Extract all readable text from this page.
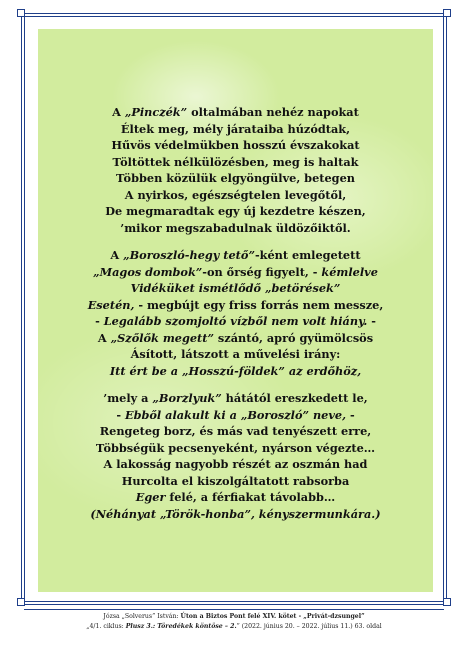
A „Pinczék” oltalmában nehéz napokat
Éltek meg, mély járataiba húzódtak,
Hűvös védelmükben hosszú évszakokat
Töltöttek nélkülözésben, meg is haltak
Többen közülük elgyöngülve, betegen
A nyirkos, egészségtelen levegőtől,
De megmaradtak egy új kezdetre készen,
’mikor megszabadulnak üldözőiktől.
A „Boroszló-hegy tető”-ként emlegetett
„Magos dombok”-on őrség figyelt, - kémlelve
Vidéküket ismétlődő „betörések”
Esetén, - megbújt egy friss forrás nem messze,
- Legalább szomjoltó vízből nem volt hiány. -
A „Szőlők megett” szántó, apró gyümölcsös
Ásított, látszott a művelési irány:
Itt ért be a „Hosszú-földek” az erdőhöz,
’mely a „Borzlyuk” hátától ereszkedett le,
- Ebből alakult ki a „Boroszló” neve, -
Rengeteg borz, és más vad tenyészett erre,
Többségük pecsenyeként, nyárson végezte…
A lakosság nagyobb részét az oszmán had
Hurcolta el kiszolgáltatott rabsorba
Eger felé, a férfiakat távolabb…
(Néhányat „Török-honba”, kényszermunkára.)
Józsa „Solverus” István: Úton a Biztos Pont felé XIV. kötet - „Privát-dzsungel”
„4/1. ciklus: Plusz 3.: Töredékek köntöse – 2.” (2022. június 20. – 2022. július 11.) 63. oldal
